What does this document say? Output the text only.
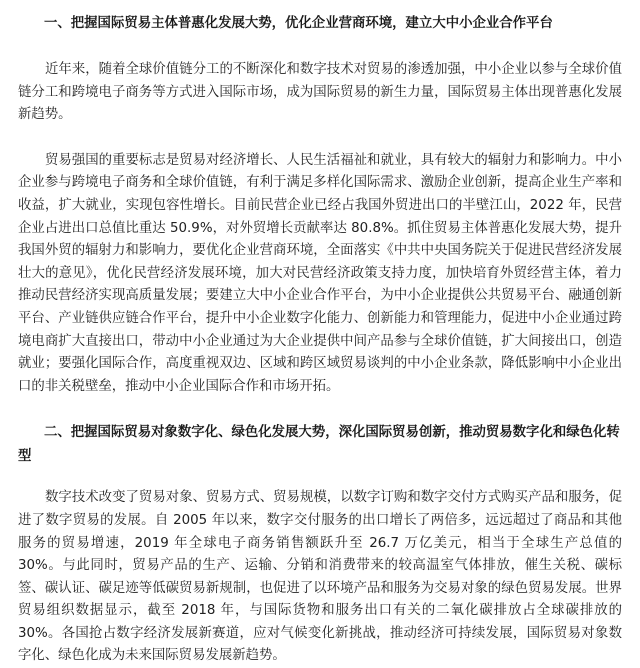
一、把握国际贸易主体普惠化发展大势，优化企业营商环境，建立大中小企业合作平台

近年来，随着全球价值链分工的不断深化和数字技术对贸易的渗透加强，中小企业以参与全球价值链分工和跨境电子商务等方式进入国际市场，成为国际贸易的新生力量，国际贸易主体出现普惠化发展新趋势。

贸易强国的重要标志是贸易对经济增长、人民生活福祉和就业，具有较大的辐射力和影响力。中小企业参与跨境电子商务和全球价值链，有利于满足多样化国际需求、激励企业创新，提高企业生产率和收益，扩大就业，实现包容性增长。目前民营企业已经占我国外贸进出口的半壁江山，2022 年，民营企业占进出口总值比重达 50.9%，对外贸增长贡献率达 80.8%。抓住贸易主体普惠化发展大势，提升我国外贸的辐射力和影响力，要优化企业营商环境，全面落实《中共中央国务院关于促进民营经济发展壮大的意见》，优化民营经济发展环境，加大对民营经济政策支持力度，加快培育外贸经营主体，着力推动民营经济实现高质量发展；要建立大中小企业合作平台，为中小企业提供公共贸易平台、融通创新平台、产业链供应链合作平台，提升中小企业数字化能力、创新能力和管理能力，促进中小企业通过跨境电商扩大直接出口，带动中小企业通过为大企业提供中间产品参与全球价值链，扩大间接出口，创造就业；要强化国际合作，高度重视双边、区域和跨区域贸易谈判的中小企业条款，降低影响中小企业出口的非关税壁垒，推动中小企业国际合作和市场开拓。

二、把握国际贸易对象数字化、绿色化发展大势，深化国际贸易创新，推动贸易数字化和绿色化转型

数字技术改变了贸易对象、贸易方式、贸易规模，以数字订购和数字交付方式购买产品和服务，促进了数字贸易的发展。自 2005 年以来，数字交付服务的出口增长了两倍多，远远超过了商品和其他服务的贸易增速，2019 年全球电子商务销售额跃升至 26.7 万亿美元，相当于全球生产总值的 30%。与此同时，贸易产品的生产、运输、分销和消费带来的较高温室气体排放，催生关税、碳标签、碳认证、碳足迹等低碳贸易新规制，也促进了以环境产品和服务为交易对象的绿色贸易发展。世界贸易组织数据显示，截至 2018 年，与国际货物和服务出口有关的二氧化碳排放占全球碳排放的 30%。各国抢占数字经济发展新赛道，应对气候变化新挑战，推动经济可持续发展，国际贸易对象数字化、绿色化成为未来国际贸易发展新趋势。
